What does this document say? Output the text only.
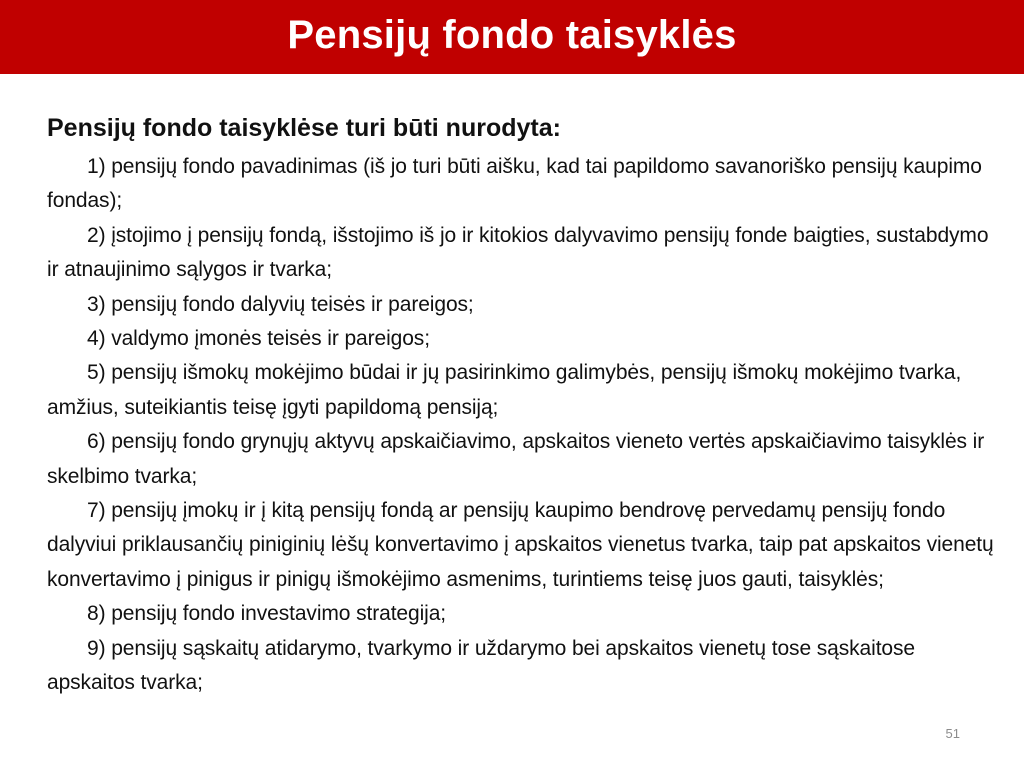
Pensijų fondo taisyklės

Pensijų fondo taisyklėse turi būti nurodyta:

1) pensijų fondo pavadinimas (iš jo turi būti aišku, kad tai papildomo savanoriško pensijų kaupimo fondas);
2) įstojimo į pensijų fondą, išstojimo iš jo ir kitokios dalyvavimo pensijų fonde baigties, sustabdymo ir atnaujinimo sąlygos ir tvarka;
3) pensijų fondo dalyvių teisės ir pareigos;
4) valdymo įmonės teisės ir pareigos;
5) pensijų išmokų mokėjimo būdai ir jų pasirinkimo galimybės, pensijų išmokų mokėjimo tvarka, amžius, suteikiantis teisę įgyti papildomą pensiją;
6) pensijų fondo grynųjų aktyvų apskaičiavimo, apskaitos vieneto vertės apskaičiavimo taisyklės ir skelbimo tvarka;
7) pensijų įmokų ir į kitą pensijų fondą ar pensijų kaupimo bendrovę pervedamų pensijų fondo dalyviui priklausančių piniginių lėšų konvertavimo į apskaitos vienetus tvarka, taip pat apskaitos vienetų konvertavimo į pinigus ir pinigų išmokėjimo asmenims, turintiems teisę juos gauti, taisyklės;
8) pensijų fondo investavimo strategija;
9) pensijų sąskaitų atidarymo, tvarkymo ir uždarymo bei apskaitos vienetų tose sąskaitose apskaitos tvarka;
51
